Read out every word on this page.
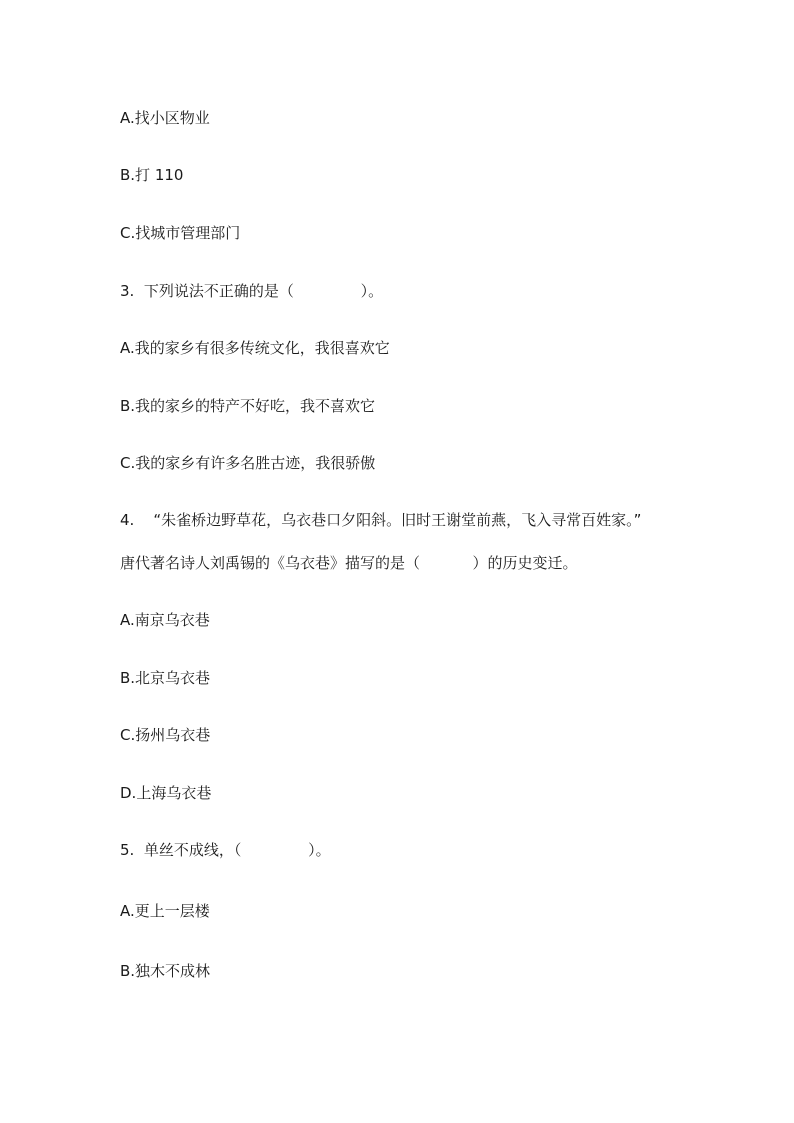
A.找小区物业
B.打 110
C.找城市管理部门
3.  下列说法不正确的是（              ）。
A.我的家乡有很多传统文化，我很喜欢它
B.我的家乡的特产不好吃，我不喜欢它
C.我的家乡有许多名胜古迹，我很骄傲
4.    “朱雀桥边野草花，乌衣巷口夕阳斜。旧时王谢堂前燕，飞入寻常百姓家。”
唐代著名诗人刘禹锡的《乌衣巷》描写的是（           ）的历史变迁。
A.南京乌衣巷
B.北京乌衣巷
C.扬州乌衣巷
D.上海乌衣巷
5.  单丝不成线，（              ）。
A.更上一层楼
B.独木不成林
